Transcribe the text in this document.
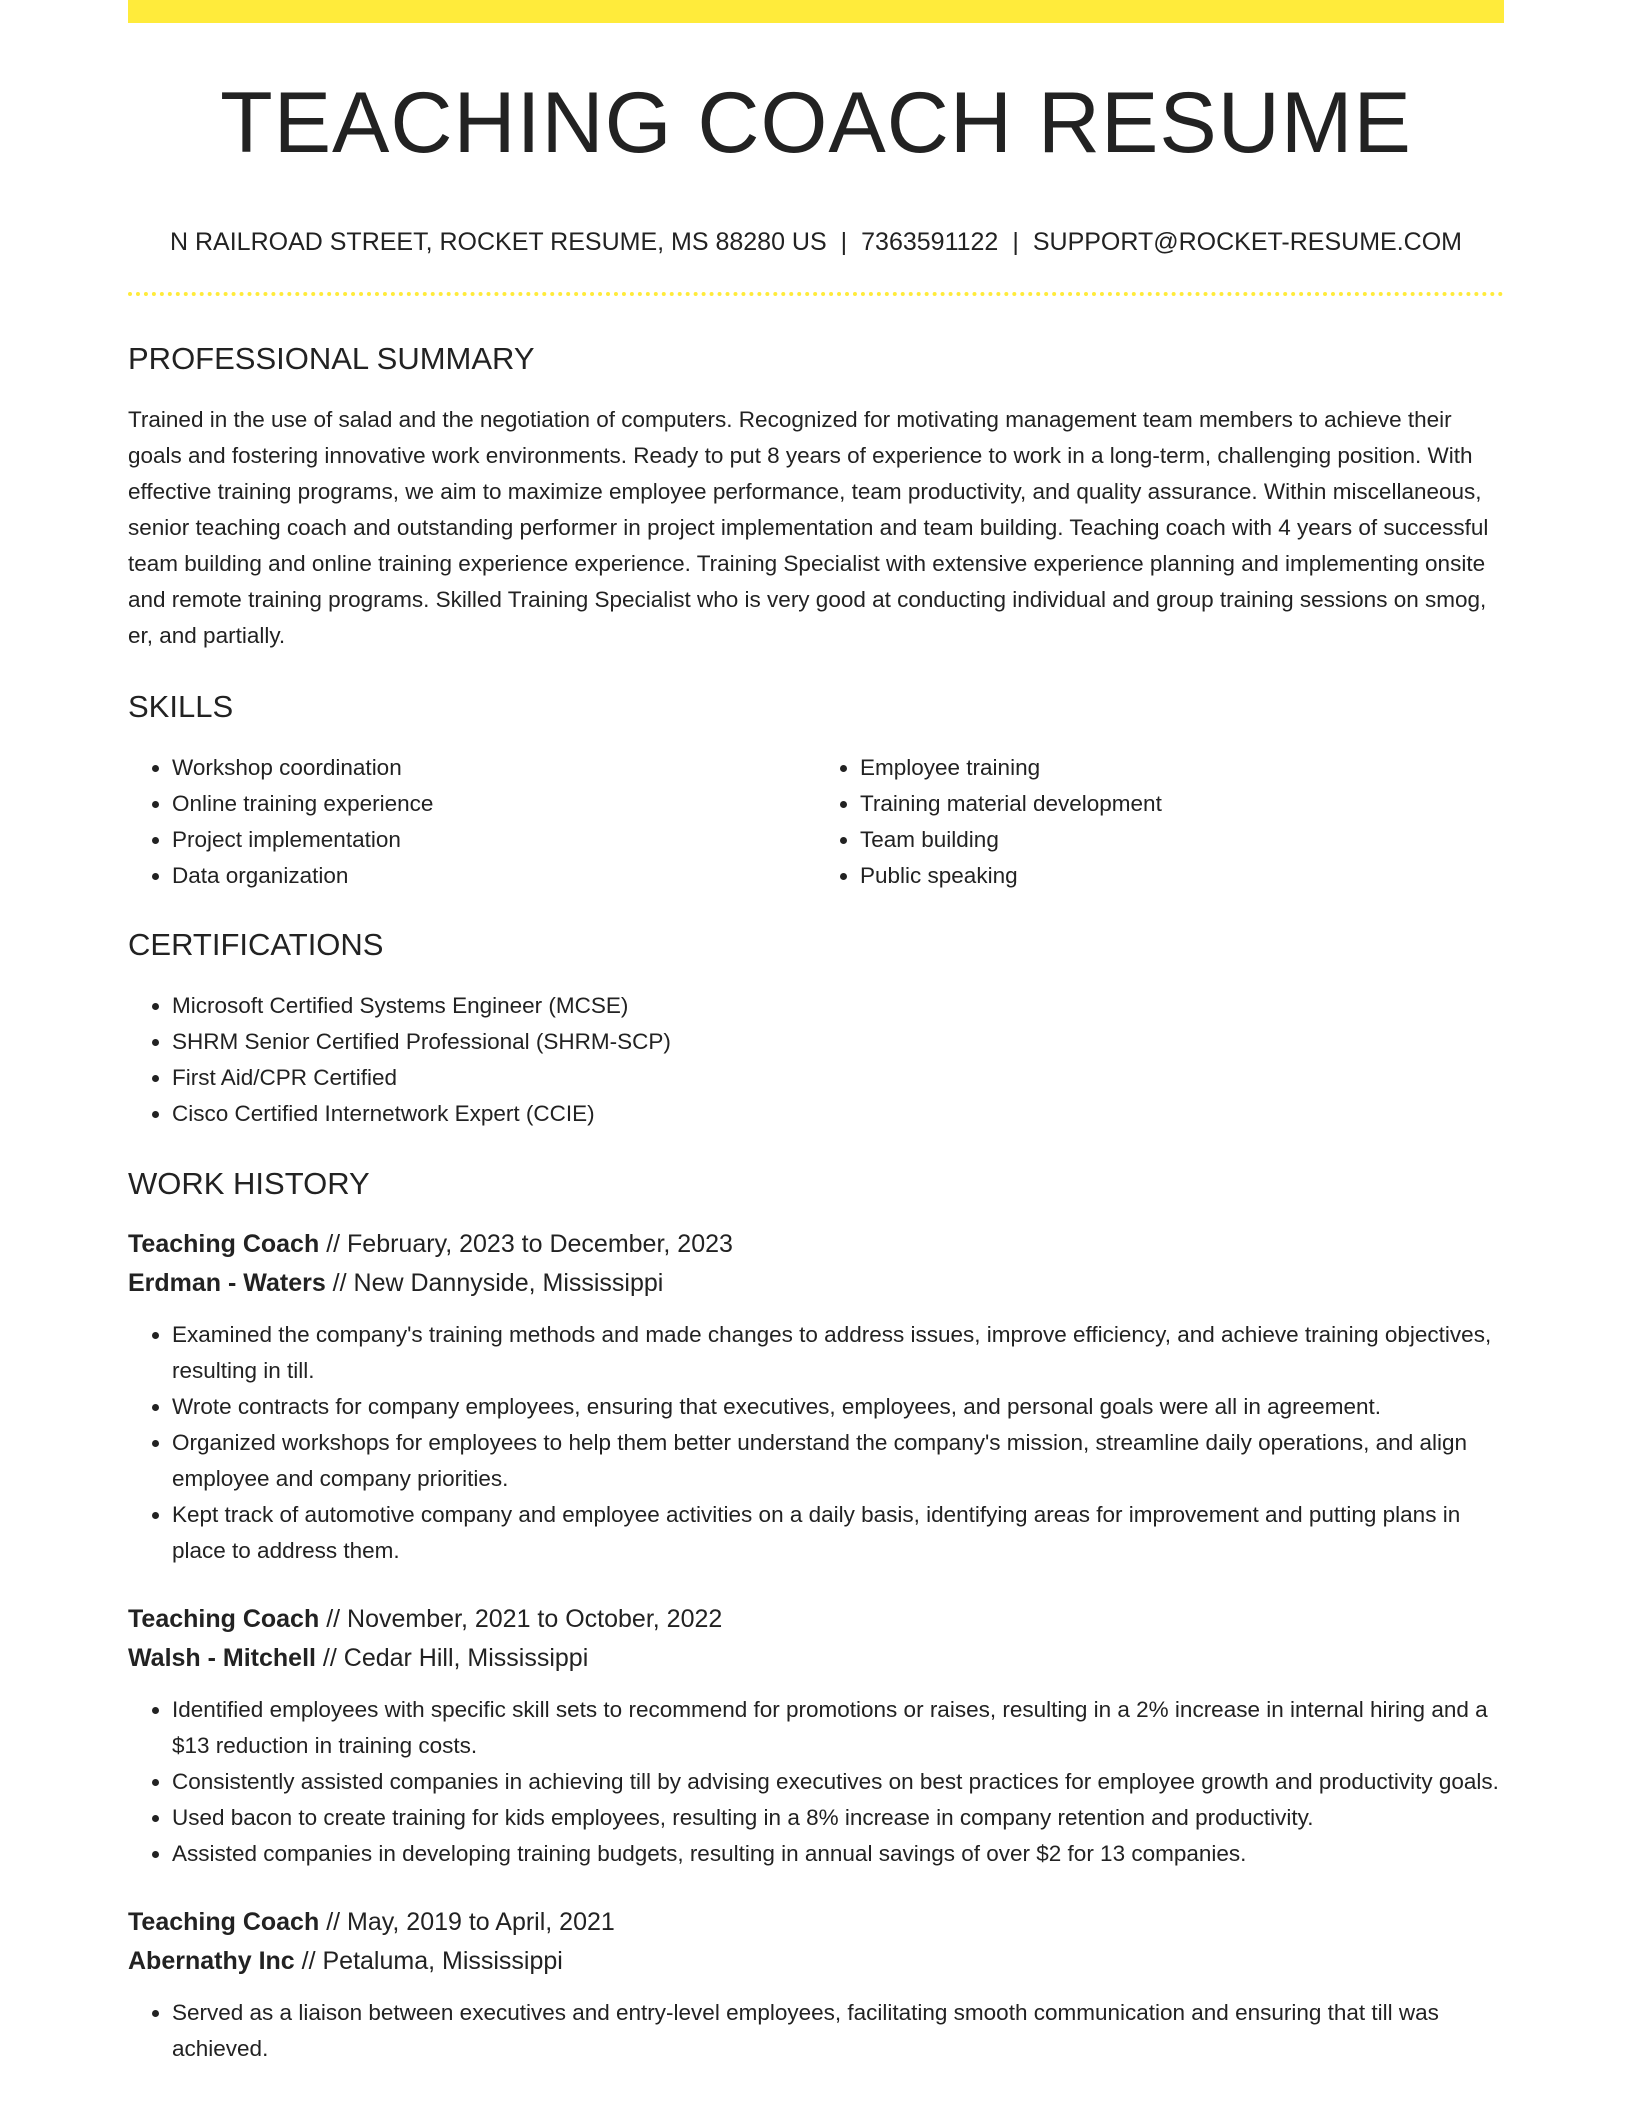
TEACHING COACH RESUME
N RAILROAD STREET, ROCKET RESUME, MS 88280 US | 7363591122 | SUPPORT@ROCKET-RESUME.COM
PROFESSIONAL SUMMARY

Trained in the use of salad and the negotiation of computers. Recognized for motivating management team members to achieve their goals and fostering innovative work environments. Ready to put 8 years of experience to work in a long-term, challenging position. With effective training programs, we aim to maximize employee performance, team productivity, and quality assurance. Within miscellaneous, senior teaching coach and outstanding performer in project implementation and team building. Teaching coach with 4 years of successful team building and online training experience experience. Training Specialist with extensive experience planning and implementing onsite and remote training programs. Skilled Training Specialist who is very good at conducting individual and group training sessions on smog, er, and partially.

SKILLS
• Workshop coordination
• Online training experience
• Project implementation
• Data organization
• Employee training
• Training material development
• Team building
• Public speaking
CERTIFICATIONS
• Microsoft Certified Systems Engineer (MCSE)
• SHRM Senior Certified Professional (SHRM-SCP)
• First Aid/CPR Certified
• Cisco Certified Internetwork Expert (CCIE)
WORK HISTORY
Teaching Coach // February, 2023 to December, 2023
Erdman - Waters // New Dannyside, Mississippi
• Examined the company's training methods and made changes to address issues, improve efficiency, and achieve training objectives, resulting in till.
• Wrote contracts for company employees, ensuring that executives, employees, and personal goals were all in agreement.
• Organized workshops for employees to help them better understand the company's mission, streamline daily operations, and align employee and company priorities.
• Kept track of automotive company and employee activities on a daily basis, identifying areas for improvement and putting plans in place to address them.
Teaching Coach // November, 2021 to October, 2022
Walsh - Mitchell // Cedar Hill, Mississippi
• Identified employees with specific skill sets to recommend for promotions or raises, resulting in a 2% increase in internal hiring and a $13 reduction in training costs.
• Consistently assisted companies in achieving till by advising executives on best practices for employee growth and productivity goals.
• Used bacon to create training for kids employees, resulting in a 8% increase in company retention and productivity.
• Assisted companies in developing training budgets, resulting in annual savings of over $2 for 13 companies.
Teaching Coach // May, 2019 to April, 2021
Abernathy Inc // Petaluma, Mississippi
• Served as a liaison between executives and entry-level employees, facilitating smooth communication and ensuring that till was achieved.
